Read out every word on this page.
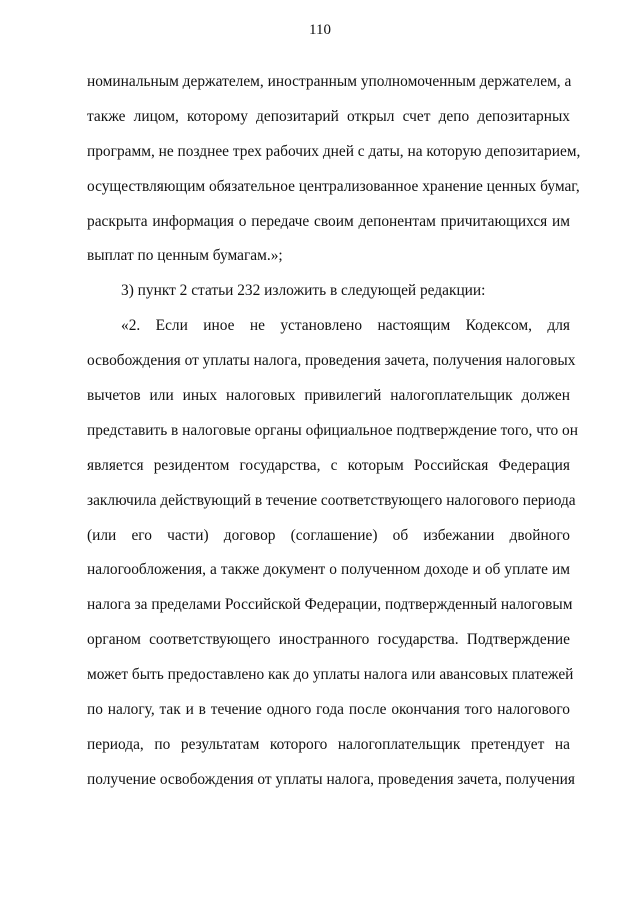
110
номинальным держателем, иностранным уполномоченным держателем, а
также лицом, которому депозитарий открыл счет депо депозитарных
программ, не позднее трех рабочих дней с даты, на которую депозитарием,
осуществляющим обязательное централизованное хранение ценных бумаг,
раскрыта информация о передаче своим депонентам причитающихся им
выплат по ценным бумагам.»;
3) пункт 2 статьи 232 изложить в следующей редакции:
«2. Если иное не установлено настоящим Кодексом, для
освобождения от уплаты налога, проведения зачета, получения налоговых
вычетов или иных налоговых привилегий налогоплательщик должен
представить в налоговые органы официальное подтверждение того, что он
является резидентом государства, с которым Российская Федерация
заключила действующий в течение соответствующего налогового периода
(или его части) договор (соглашение) об избежании двойного
налогообложения, а также документ о полученном доходе и об уплате им
налога за пределами Российской Федерации, подтвержденный налоговым
органом соответствующего иностранного государства. Подтверждение
может быть предоставлено как до уплаты налога или авансовых платежей
по налогу, так и в течение одного года после окончания того налогового
периода, по результатам которого налогоплательщик претендует на
получение освобождения от уплаты налога, проведения зачета, получения
